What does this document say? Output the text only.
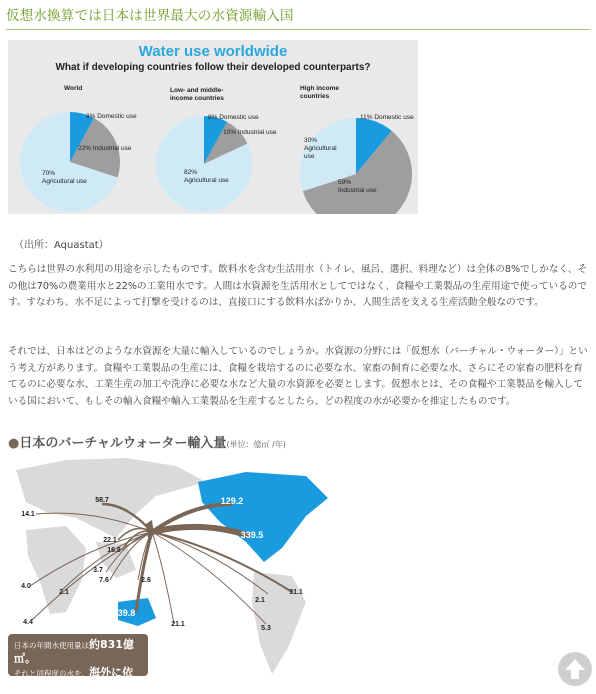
仮想水換算では日本は世界最大の水資源輸入国
Water use worldwide
What if developing countries follow their developed counterparts?
World
8% Domestic use
22% Industrial use
70%
Agricultural use
Low- and middle-
income countries
8% Domestic use
10% Industrial use
82%
Agricultural use
High income
countries
11% Domestic use
59%
Industrial use
30%
Agricultural
use
（出所：Aquastat）

こちらは世界の水利用の用途を示したものです。飲料水を含む生活用水（トイレ、風呂、選択、料理など）は全体の8%でしかなく、その他は70%の農業用水と22%の工業用水です。人間は水資源を生活用水としてではなく、食糧や工業製品の生産用途で使っているのです。すなわち、水不足によって打撃を受けるのは、直接口にする飲料水ばかりか、人間生活を支える生産活動全般なのです。

それでは、日本はどのような水資源を大量に輸入しているのでしょうか。水資源の分野には「仮想水（バーチャル・ウォーター）」という考え方があります。食糧や工業製品の生産には、食糧を栽培するのに必要な水、家畜の飼育に必要な水、さらにその家畜の肥料を育てるのに必要な水、工業生産の加工や洗浄に必要な水など大量の水資源を必要とします。仮想水とは、その食糧や工業製品を輸入している国において、もしその輸入食糧や輸入工業製品を生産するとしたら、どの程度の水が必要かを推定したものです。

●日本のバーチャルウォーター輸入量(単位：億㎥ /年)
58.7
14.1
22.1
16.8
3.7
7.6
4.0
2.1
2.6
4.4
139.8
21.1
129.2
339.5
2.1
31.1
5.3
日本の年間水使用量は約831億㎥。
それと同程度の水を、海外に依存
